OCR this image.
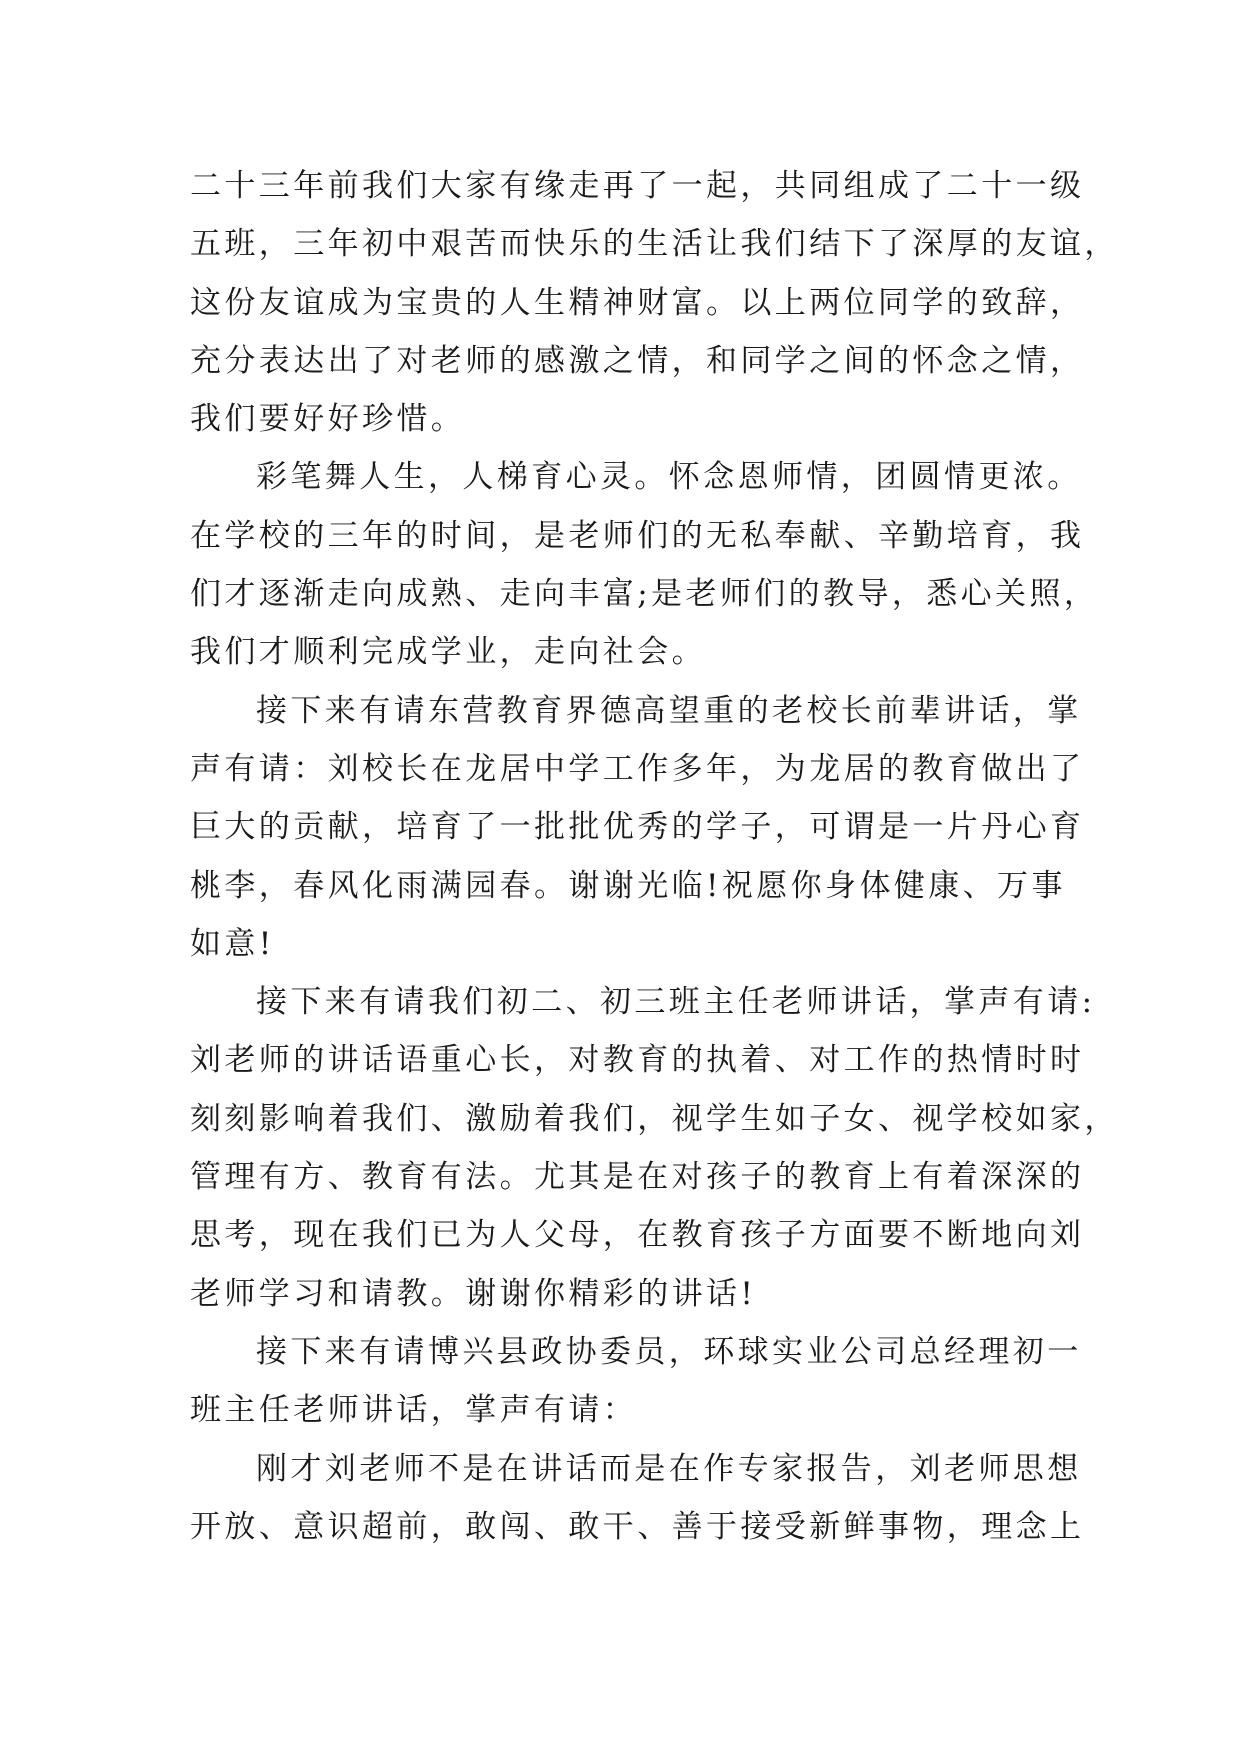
二十三年前我们大家有缘走再了一起，共同组成了二十一级
五班，三年初中艰苦而快乐的生活让我们结下了深厚的友谊，
这份友谊成为宝贵的人生精神财富。以上两位同学的致辞，
充分表达出了对老师的感激之情，和同学之间的怀念之情，
我们要好好珍惜。
彩笔舞人生，人梯育心灵。怀念恩师情，团圆情更浓。
在学校的三年的时间，是老师们的无私奉献、辛勤培育，我
们才逐渐走向成熟、走向丰富;是老师们的教导，悉心关照，
我们才顺利完成学业，走向社会。
接下来有请东营教育界德高望重的老校长前辈讲话，掌
声有请：刘校长在龙居中学工作多年，为龙居的教育做出了
巨大的贡献，培育了一批批优秀的学子，可谓是一片丹心育
桃李，春风化雨满园春。谢谢光临!祝愿你身体健康、万事
如意!
接下来有请我们初二、初三班主任老师讲话，掌声有请:
刘老师的讲话语重心长，对教育的执着、对工作的热情时时
刻刻影响着我们、激励着我们，视学生如子女、视学校如家，
管理有方、教育有法。尤其是在对孩子的教育上有着深深的
思考，现在我们已为人父母，在教育孩子方面要不断地向刘
老师学习和请教。谢谢你精彩的讲话!
接下来有请博兴县政协委员，环球实业公司总经理初一
班主任老师讲话，掌声有请：
刚才刘老师不是在讲话而是在作专家报告，刘老师思想
开放、意识超前，敢闯、敢干、善于接受新鲜事物，理念上
